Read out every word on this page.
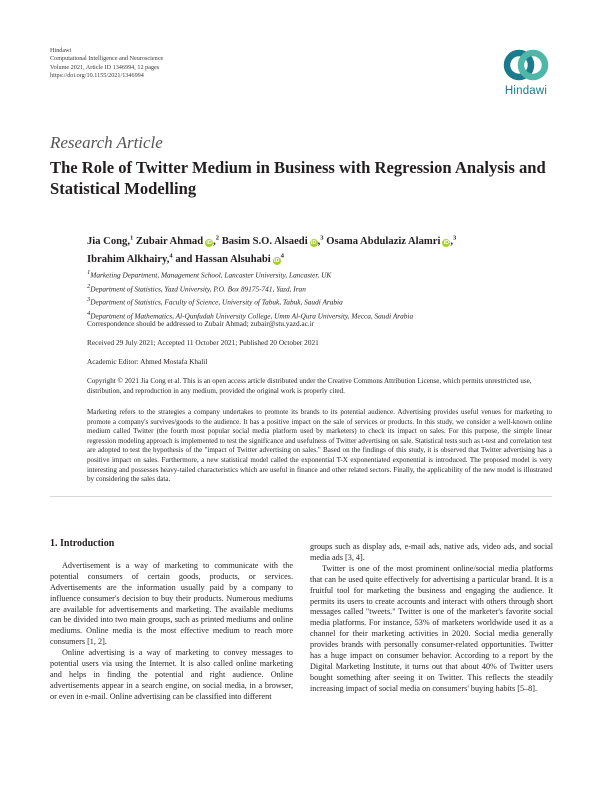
Hindawi
Computational Intelligence and Neuroscience
Volume 2021, Article ID 1346994, 12 pages
https://doi.org/10.1155/2021/1346994
Hindawi
Research Article
The Role of Twitter Medium in Business with Regression Analysis and Statistical Modelling
Jia Cong,$^1$ Zubair Ahmad iD,$^2$ Basim S.O. Alsaedi iD,$^3$ Osama Abdulaziz Alamri iD,$^3$
Ibrahim Alkhairy,$^4$ and Hassan Alsuhabi $iD^4$
$^1$Marketing Department, Management School, Lancaster University, Lancaster, UK
$^2$Department of Statistics, Yazd University, P.O. Box 89175-741, Yazd, Iran
$^3$Department of Statistics, Faculty of Science, University of Tabuk, Tabuk, Saudi Arabia
$^4$Department of Mathematics, Al-Qunfudah University College, Umm Al-Qura University, Mecca, Saudi Arabia
Correspondence should be addressed to Zubair Ahmad; zubair@stu.yazd.ac.ir
Received 29 July 2021; Accepted 11 October 2021; Published 20 October 2021
Academic Editor: Ahmed Mostafa Khalil
Copyright © 2021 Jia Cong et al. This is an open access article distributed under the Creative Commons Attribution License, which permits unrestricted use, distribution, and reproduction in any medium, provided the original work is properly cited.
Marketing refers to the strategies a company undertakes to promote its brands to its potential audience. Advertising provides useful venues for marketing to promote a company's survives/goods to the audience. It has a positive impact on the sale of services or products. In this study, we consider a well-known online medium called Twitter (the fourth most popular social media platform used by marketers) to check its impact on sales. For this purpose, the simple linear regression modeling approach is implemented to test the significance and usefulness of Twitter advertising on sale. Statistical tests such as t-test and correlation test are adopted to test the hypothesis of the "impact of Twitter advertising on sales." Based on the findings of this study, it is observed that Twitter advertising has a positive impact on sales. Furthermore, a new statistical model called the exponential T-X exponentiated exponential is introduced. The proposed model is very interesting and possesses heavy-tailed characteristics which are useful in finance and other related sectors. Finally, the applicability of the new model is illustrated by considering the sales data.
1. Introduction

Advertisement is a way of marketing to communicate with the potential consumers of certain goods, products, or services. Advertisements are the information usually paid by a company to influence consumer's decision to buy their products. Numerous mediums are available for advertisements and marketing. The available mediums can be divided into two main groups, such as printed mediums and online mediums. Online media is the most effective medium to reach more consumers [1, 2].

Online advertising is a way of marketing to convey messages to potential users via using the Internet. It is also called online marketing and helps in finding the potential and right audience. Online advertisements appear in a search engine, on social media, in a browser, or even in e-mail. Online advertising can be classified into different

groups such as display ads, e-mail ads, native ads, video ads, and social media ads [3, 4].

Twitter is one of the most prominent online/social media platforms that can be used quite effectively for advertising a particular brand. It is a fruitful tool for marketing the business and engaging the audience. It permits its users to create accounts and interact with others through short messages called "tweets." Twitter is one of the marketer's favorite social media platforms. For instance, 53% of marketers worldwide used it as a channel for their marketing activities in 2020. Social media generally provides brands with personally consumer-related opportunities. Twitter has a huge impact on consumer behavior. According to a report by the Digital Marketing Institute, it turns out that about 40% of Twitter users bought something after seeing it on Twitter. This reflects the steadily increasing impact of social media on consumers' buying habits [5–8].
